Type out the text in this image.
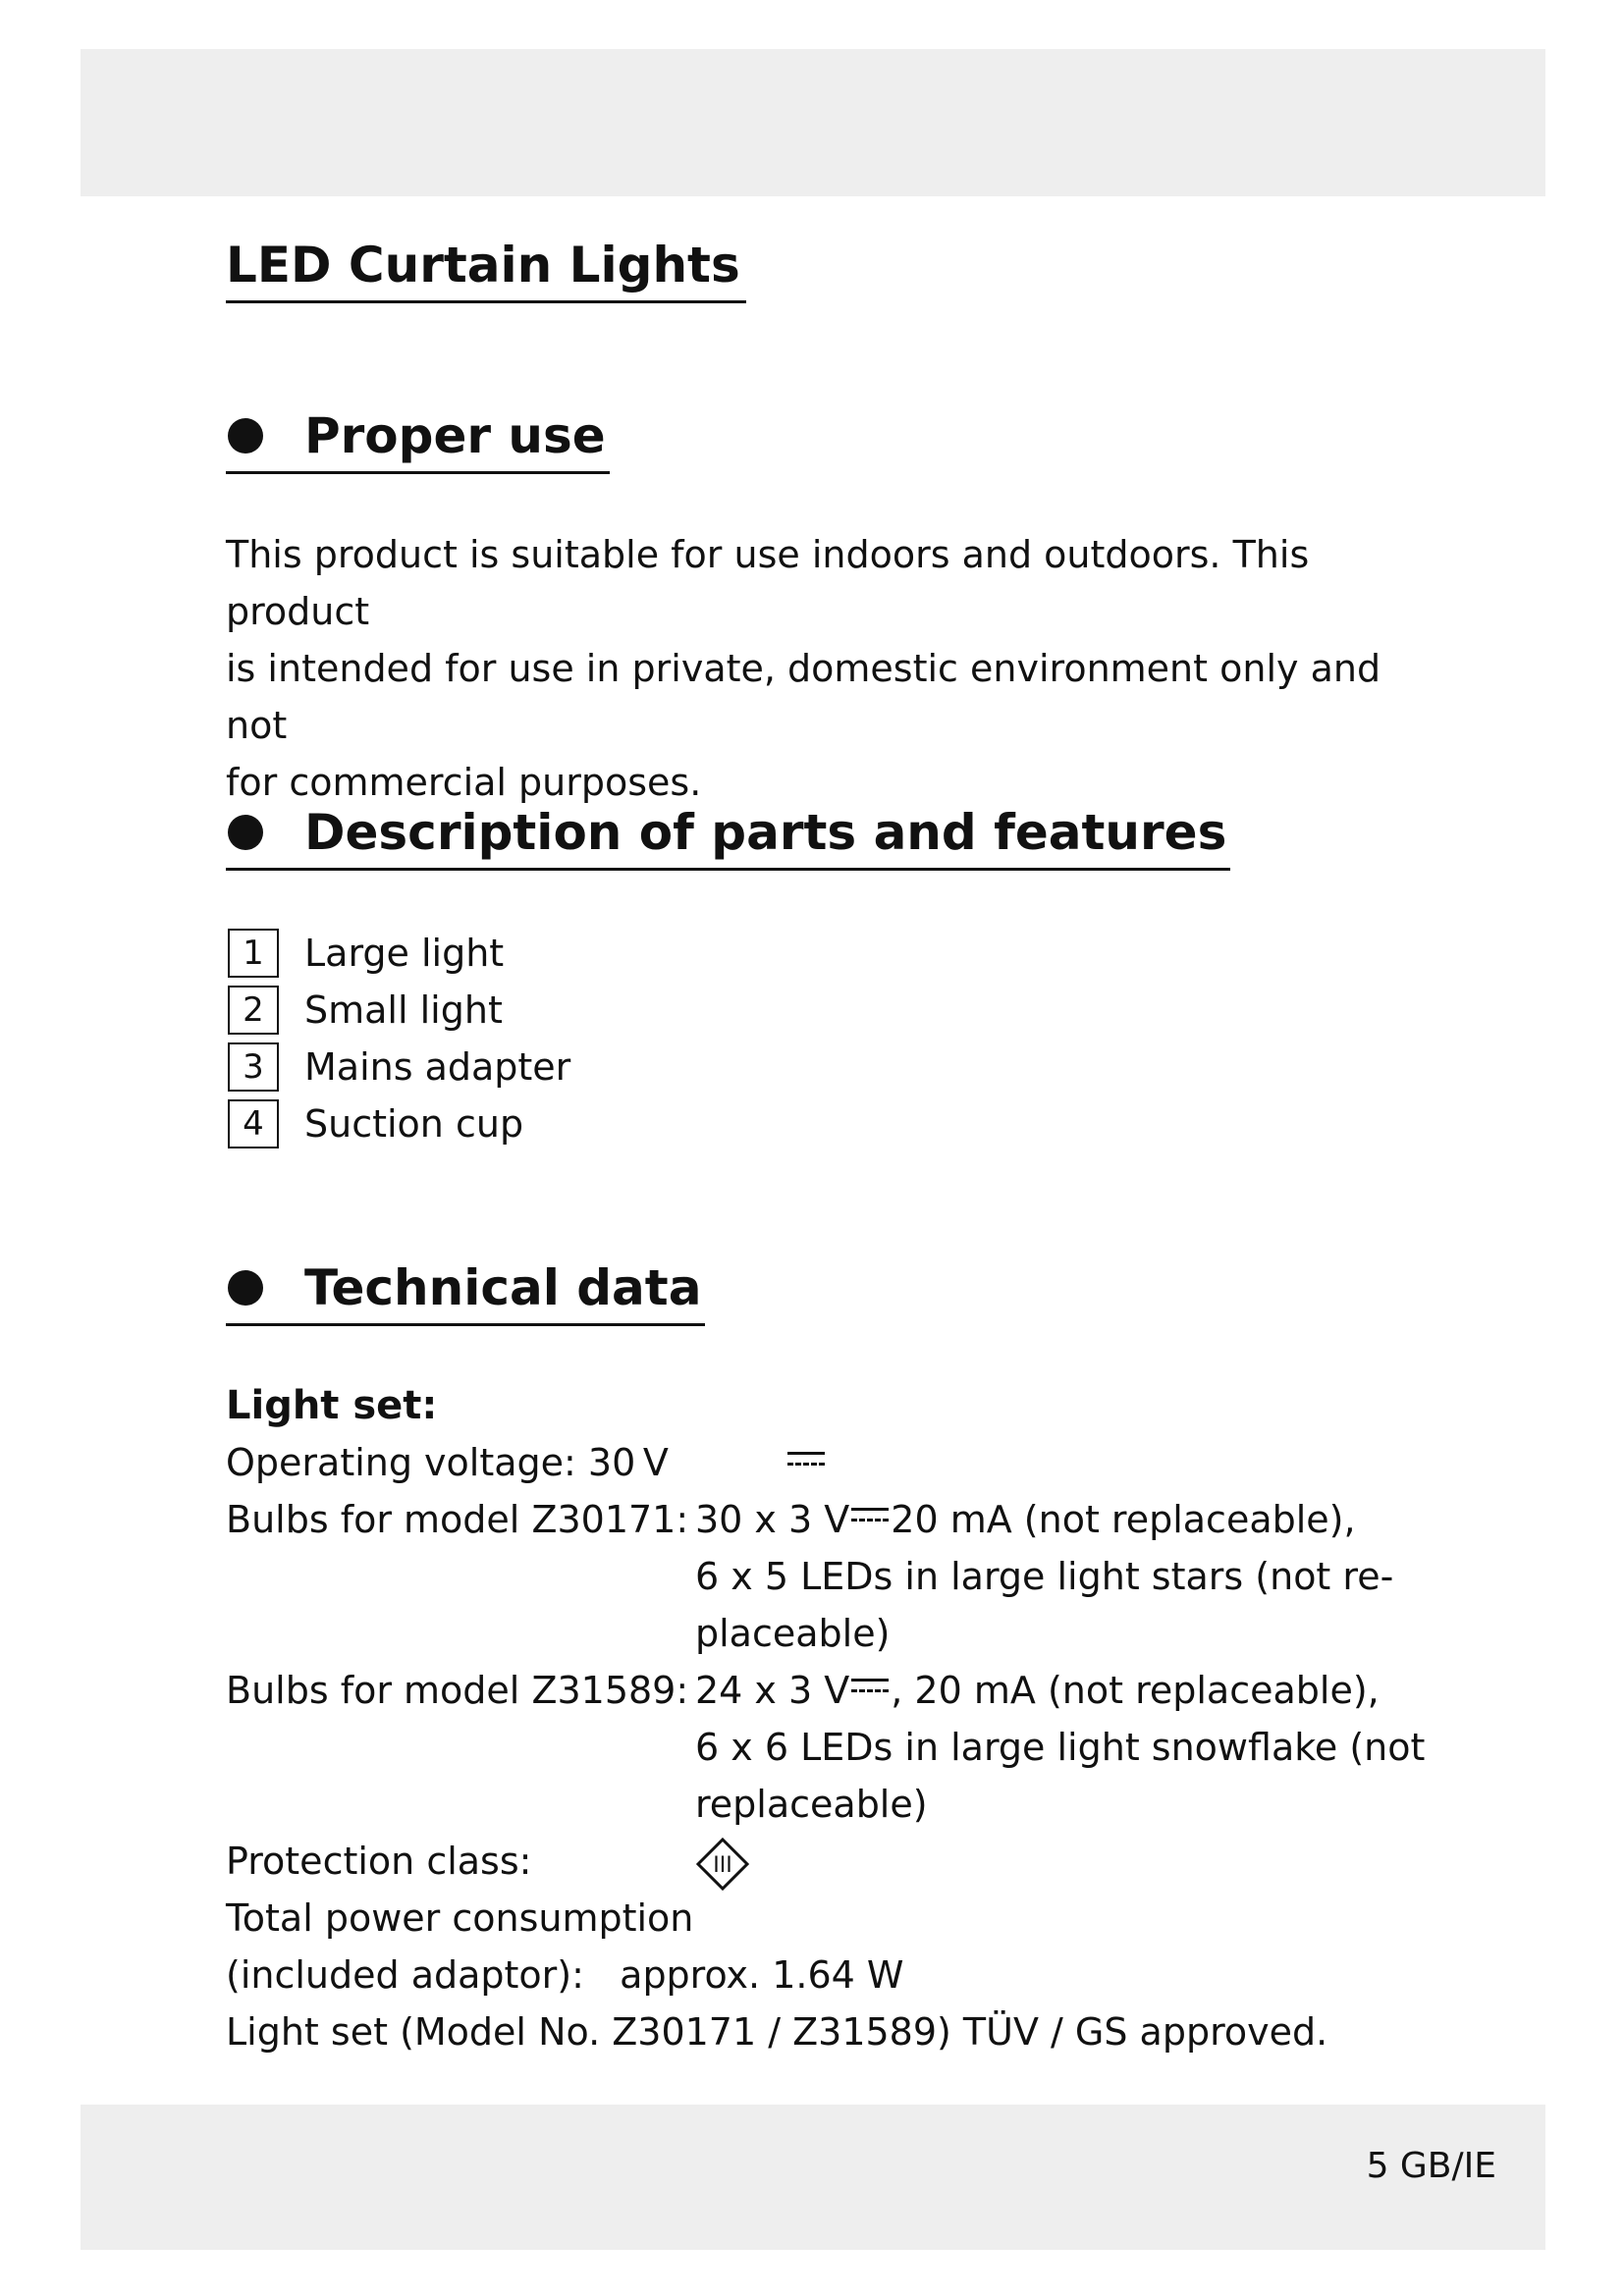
LED Curtain Lights
Proper use

This product is suitable for use indoors and outdoors. This product
is intended for use in private, domestic environment only and not
for commercial purposes.

Description of parts and features
1	Large light
2	Small light
3	Mains adapter
4	Suction cup
Technical data
Light set:
Operating voltage: 30 V
Bulbs for model Z30171: 30 x 3 V 20 mA (not replaceable),
6 x 5 LEDs in large light stars (not re-
placeable)
Bulbs for model Z31589: 24 x 3 V , 20 mA (not replaceable),
6 x 6 LEDs in large light snowflake (not
replaceable)
Protection class:	III
Total power consumption
(included adaptor):   approx. 1.64 W
Light set (Model No. Z30171 / Z31589) TÜV / GS approved.
5 GB/IE
